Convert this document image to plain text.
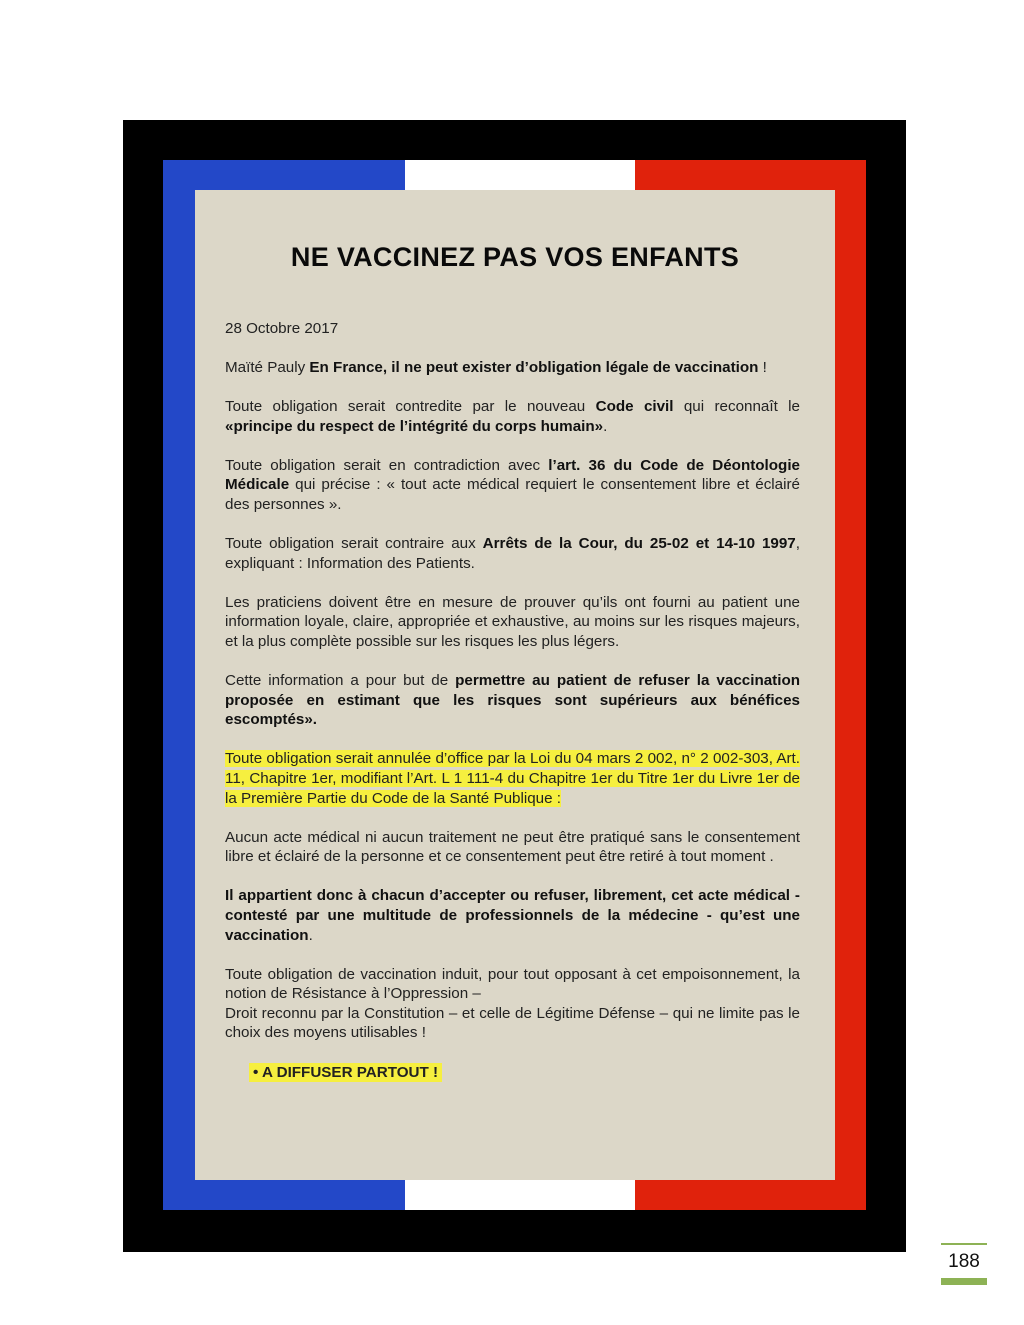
NE VACCINEZ PAS VOS ENFANTS

28 Octobre 2017

Maïté Pauly En France, il ne peut exister d’obligation légale de vaccination !

Toute obligation serait contredite par le nouveau Code civil qui reconnaît le «principe du respect de l’intégrité du corps humain».

Toute obligation serait en contradiction avec l’art. 36 du Code de Déontologie Médicale qui précise : « tout acte médical requiert le consentement libre et éclairé des personnes ».

Toute obligation serait contraire aux Arrêts de la Cour, du 25-02 et 14-10 1997, expliquant : Information des Patients.

Les praticiens doivent être en mesure de prouver qu’ils ont fourni au patient une information loyale, claire, appropriée et exhaustive, au moins sur les risques majeurs, et la plus complète possible sur les risques les plus légers.

Cette information a pour but de permettre au patient de refuser la vaccination proposée en estimant que les risques sont supérieurs aux bénéfices escomptés».

Toute obligation serait annulée d’office par la Loi du 04 mars 2 002, n° 2 002-303, Art. 11, Chapitre 1er, modifiant l’Art. L 1 111-4 du Chapitre 1er du Titre 1er du Livre 1er de la Première Partie du Code de la Santé Publique :

Aucun acte médical ni aucun traitement ne peut être pratiqué sans le consentement libre et éclairé de la personne et ce consentement peut être retiré à tout moment .

Il appartient donc à chacun d’accepter ou refuser, librement, cet acte médical - contesté par une multitude de professionnels de la médecine - qu’est une vaccination.

Toute obligation de vaccination induit, pour tout opposant à cet empoisonnement, la notion de Résistance à l’Oppression –
Droit reconnu par la Constitution – et celle de Légitime Défense – qui ne limite pas le choix des moyens utilisables !

• A DIFFUSER PARTOUT !

188
